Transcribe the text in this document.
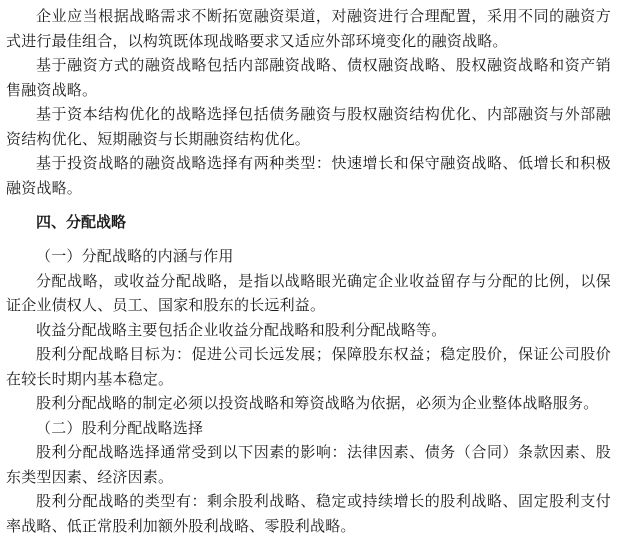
企业应当根据战略需求不断拓宽融资渠道，对融资进行合理配置，采用不同的融资方式进行最佳组合，以构筑既体现战略要求又适应外部环境变化的融资战略。

基于融资方式的融资战略包括内部融资战略、债权融资战略、股权融资战略和资产销售融资战略。

基于资本结构优化的战略选择包括债务融资与股权融资结构优化、内部融资与外部融资结构优化、短期融资与长期融资结构优化。

基于投资战略的融资战略选择有两种类型：快速增长和保守融资战略、低增长和积极融资战略。

四、分配战略

（一）分配战略的内涵与作用

分配战略，或收益分配战略，是指以战略眼光确定企业收益留存与分配的比例，以保证企业债权人、员工、国家和股东的长远利益。

收益分配战略主要包括企业收益分配战略和股利分配战略等。

股利分配战略目标为：促进公司长远发展；保障股东权益；稳定股价，保证公司股价在较长时期内基本稳定。

股利分配战略的制定必须以投资战略和筹资战略为依据，必须为企业整体战略服务。

（二）股利分配战略选择

股利分配战略选择通常受到以下因素的影响：法律因素、债务（合同）条款因素、股东类型因素、经济因素。

股利分配战略的类型有：剩余股利战略、稳定或持续增长的股利战略、固定股利支付率战略、低正常股利加额外股利战略、零股利战略。
